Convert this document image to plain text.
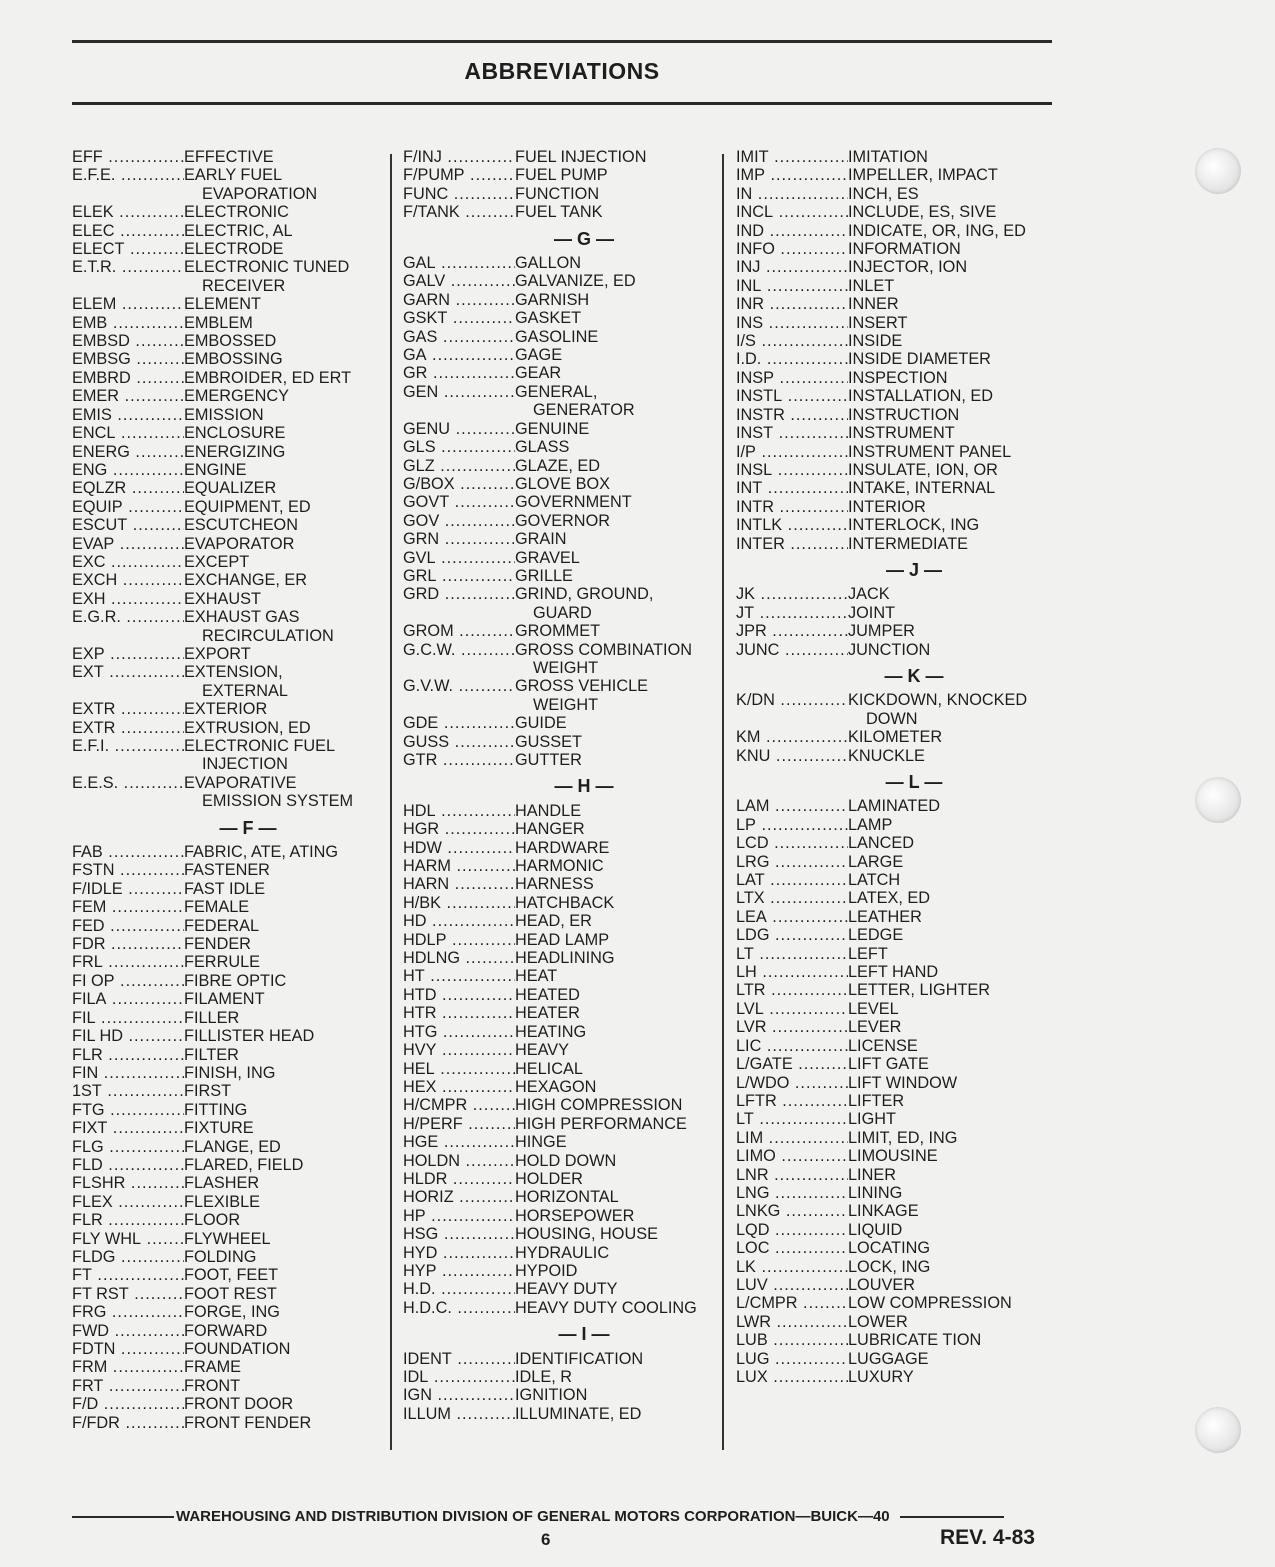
ABBREVIATIONS
EFF .....	EFFECTIVE
E.F.E. .....	EARLY FUEL
EVAPORATION
ELEK .....	ELECTRONIC
ELEC .....	ELECTRIC, AL
ELECT .....	ELECTRODE
E.T.R. .....	ELECTRONIC TUNED
RECEIVER
ELEM .....	ELEMENT
EMB .....	EMBLEM
EMBSD .....	EMBOSSED
EMBSG .....	EMBOSSING
EMBRD .....	EMBROIDER, ED ERT
EMER .....	EMERGENCY
EMIS .....	EMISSION
ENCL .....	ENCLOSURE
ENERG .....	ENERGIZING
ENG .....	ENGINE
EQLZR .....	EQUALIZER
EQUIP .....	EQUIPMENT, ED
ESCUT .....	ESCUTCHEON
EVAP .....	EVAPORATOR
EXC .....	EXCEPT
EXCH .....	EXCHANGE, ER
EXH .....	EXHAUST
E.G.R. .....	EXHAUST GAS
RECIRCULATION
EXP .....	EXPORT
EXT .....	EXTENSION,
EXTERNAL
EXTR .....	EXTERIOR
EXTR .....	EXTRUSION, ED
E.F.I. .....	ELECTRONIC FUEL
INJECTION
E.E.S. .....	EVAPORATIVE
EMISSION SYSTEM
— F —
FAB .....	FABRIC, ATE, ATING
FSTN .....	FASTENER
F/IDLE .....	FAST IDLE
FEM .....	FEMALE
FED .....	FEDERAL
FDR .....	FENDER
FRL .....	FERRULE
FI OP .....	FIBRE OPTIC
FILA .....	FILAMENT
FIL .....	FILLER
FIL HD .....	FILLISTER HEAD
FLR .....	FILTER
FIN .....	FINISH, ING
1ST .....	FIRST
FTG .....	FITTING
FIXT .....	FIXTURE
FLG .....	FLANGE, ED
FLD .....	FLARED, FIELD
FLSHR .....	FLASHER
FLEX .....	FLEXIBLE
FLR .....	FLOOR
FLY WHL .....	FLYWHEEL
FLDG .....	FOLDING
FT .....	FOOT, FEET
FT RST .....	FOOT REST
FRG .....	FORGE, ING
FWD .....	FORWARD
FDTN .....	FOUNDATION
FRM .....	FRAME
FRT .....	FRONT
F/D .....	FRONT DOOR
F/FDR .....	FRONT FENDER
F/INJ .....	FUEL INJECTION
F/PUMP .....	FUEL PUMP
FUNC .....	FUNCTION
F/TANK .....	FUEL TANK
— G —
GAL .....	GALLON
GALV .....	GALVANIZE, ED
GARN .....	GARNISH
GSKT .....	GASKET
GAS .....	GASOLINE
GA .....	GAGE
GR .....	GEAR
GEN .....	GENERAL,
GENERATOR
GENU .....	GENUINE
GLS .....	GLASS
GLZ .....	GLAZE, ED
G/BOX .....	GLOVE BOX
GOVT .....	GOVERNMENT
GOV .....	GOVERNOR
GRN .....	GRAIN
GVL .....	GRAVEL
GRL .....	GRILLE
GRD .....	GRIND, GROUND,
GUARD
GROM .....	GROMMET
G.C.W. .....	GROSS COMBINATION
WEIGHT
G.V.W. .....	GROSS VEHICLE
WEIGHT
GDE .....	GUIDE
GUSS .....	GUSSET
GTR .....	GUTTER
— H —
HDL .....	HANDLE
HGR .....	HANGER
HDW .....	HARDWARE
HARM .....	HARMONIC
HARN .....	HARNESS
H/BK .....	HATCHBACK
HD .....	HEAD, ER
HDLP .....	HEAD LAMP
HDLNG .....	HEADLINING
HT .....	HEAT
HTD .....	HEATED
HTR .....	HEATER
HTG .....	HEATING
HVY .....	HEAVY
HEL .....	HELICAL
HEX .....	HEXAGON
H/CMPR .....	HIGH COMPRESSION
H/PERF .....	HIGH PERFORMANCE
HGE .....	HINGE
HOLDN .....	HOLD DOWN
HLDR .....	HOLDER
HORIZ .....	HORIZONTAL
HP .....	HORSEPOWER
HSG .....	HOUSING, HOUSE
HYD .....	HYDRAULIC
HYP .....	HYPOID
H.D. .....	HEAVY DUTY
H.D.C. .....	HEAVY DUTY COOLING
— I —
IDENT .....	IDENTIFICATION
IDL .....	IDLE, R
IGN .....	IGNITION
ILLUM .....	ILLUMINATE, ED
IMIT .....	IMITATION
IMP .....	IMPELLER, IMPACT
IN .....	INCH, ES
INCL .....	INCLUDE, ES, SIVE
IND .....	INDICATE, OR, ING, ED
INFO .....	INFORMATION
INJ .....	INJECTOR, ION
INL .....	INLET
INR .....	INNER
INS .....	INSERT
I/S .....	INSIDE
I.D. .....	INSIDE DIAMETER
INSP .....	INSPECTION
INSTL .....	INSTALLATION, ED
INSTR .....	INSTRUCTION
INST .....	INSTRUMENT
I/P .....	INSTRUMENT PANEL
INSL .....	INSULATE, ION, OR
INT .....	INTAKE, INTERNAL
INTR .....	INTERIOR
INTLK .....	INTERLOCK, ING
INTER .....	INTERMEDIATE
— J —
JK .....	JACK
JT .....	JOINT
JPR .....	JUMPER
JUNC .....	JUNCTION
— K —
K/DN .....	KICKDOWN, KNOCKED
DOWN
KM .....	KILOMETER
KNU .....	KNUCKLE
— L —
LAM .....	LAMINATED
LP .....	LAMP
LCD .....	LANCED
LRG .....	LARGE
LAT .....	LATCH
LTX .....	LATEX, ED
LEA .....	LEATHER
LDG .....	LEDGE
LT .....	LEFT
LH .....	LEFT HAND
LTR .....	LETTER, LIGHTER
LVL .....	LEVEL
LVR .....	LEVER
LIC .....	LICENSE
L/GATE .....	LIFT GATE
L/WDO .....	LIFT WINDOW
LFTR .....	LIFTER
LT .....	LIGHT
LIM .....	LIMIT, ED, ING
LIMO .....	LIMOUSINE
LNR .....	LINER
LNG .....	LINING
LNKG .....	LINKAGE
LQD .....	LIQUID
LOC .....	LOCATING
LK .....	LOCK, ING
LUV .....	LOUVER
L/CMPR .....	LOW COMPRESSION
LWR .....	LOWER
LUB .....	LUBRICATE TION
LUG .....	LUGGAGE
LUX .....	LUXURY
WAREHOUSING AND DISTRIBUTION DIVISION OF GENERAL MOTORS CORPORATION—BUICK—40
6	REV. 4-83
